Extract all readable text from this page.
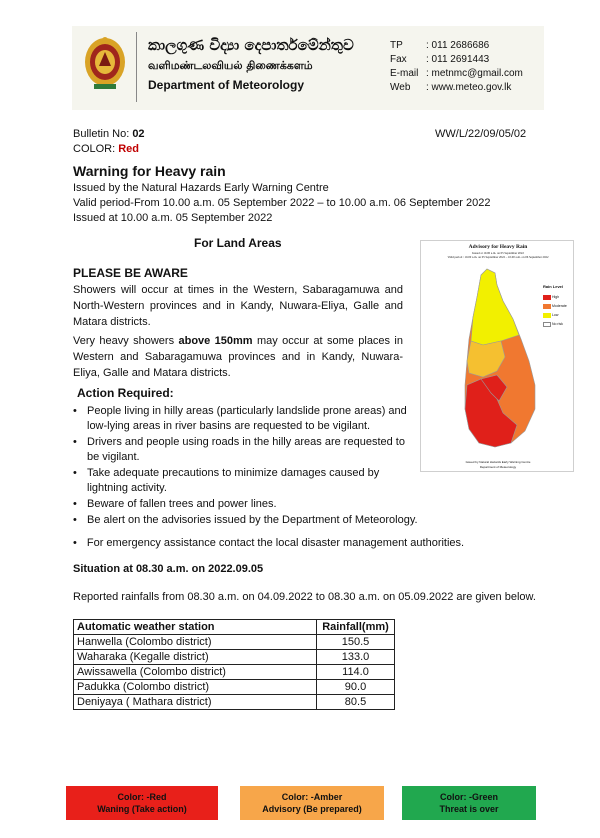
කාලගුණ විද්‍යා දෙපාර්තමේන්තුව
வளிமண்டலவியல் திணைக்களம்
Department of Meteorology
TP	: 011 2686686
Fax	: 011 2691443
E-mail : metnmc@gmail.com
Web	: www.meteo.gov.lk
Bulletin No: 02	WW/L/22/09/05/02
COLOR: Red
Warning for Heavy rain
Issued by the Natural Hazards Early Warning Centre
Valid period-From 10.00 a.m. 05 September 2022 – to 10.00 a.m. 06 September 2022
Issued at 10.00 a.m. 05 September 2022
For Land Areas
PLEASE BE AWARE
Showers will occur at times in the Western, Sabaragamuwa and North-Western provinces and in Kandy, Nuwara-Eliya, Galle and Matara districts.
Very heavy showers above 150mm may occur at some places in Western and Sabaragamuwa provinces and in Kandy, Nuwara-Eliya, Galle and Matara districts.
Action Required:
• People living in hilly areas (particularly landslide prone areas) and low-lying areas in river basins are requested to be vigilant.
• Drivers and people using roads in the hilly areas are requested to be vigilant.
• Take adequate precautions to minimize damages caused by lightning activity.
• Beware of fallen trees and power lines.
• Be alert on the advisories issued by the Department of Meteorology.
• For emergency assistance contact the local disaster management authorities.
Advisory for Heavy Rain
Issued at 10.00 a.m. on 05 September 2022
Valid period : 10.00 a.m. on 05 September 2022 – 10.00 a.m. on 06 September 2022
Rain Level
High
Moderate
Low
No risk
Issued by Natural Hazards Early Warning Centre
Department of Meteorology
Situation at 08.30 a.m. on 2022.09.05
Reported rainfalls from 08.30 a.m. on 04.09.2022 to 08.30 a.m. on 05.09.2022 are given below.
Automatic weather station	Rainfall(mm)
Hanwella (Colombo district)	150.5
Waharaka (Kegalle district)	133.0
Awissawella (Colombo district)	114.0
Padukka (Colombo district)	90.0
Deniyaya ( Mathara district)	80.5
Color: -Red
Waning (Take action)
Color: -Amber
Advisory (Be prepared)
Color: -Green
Threat is over
